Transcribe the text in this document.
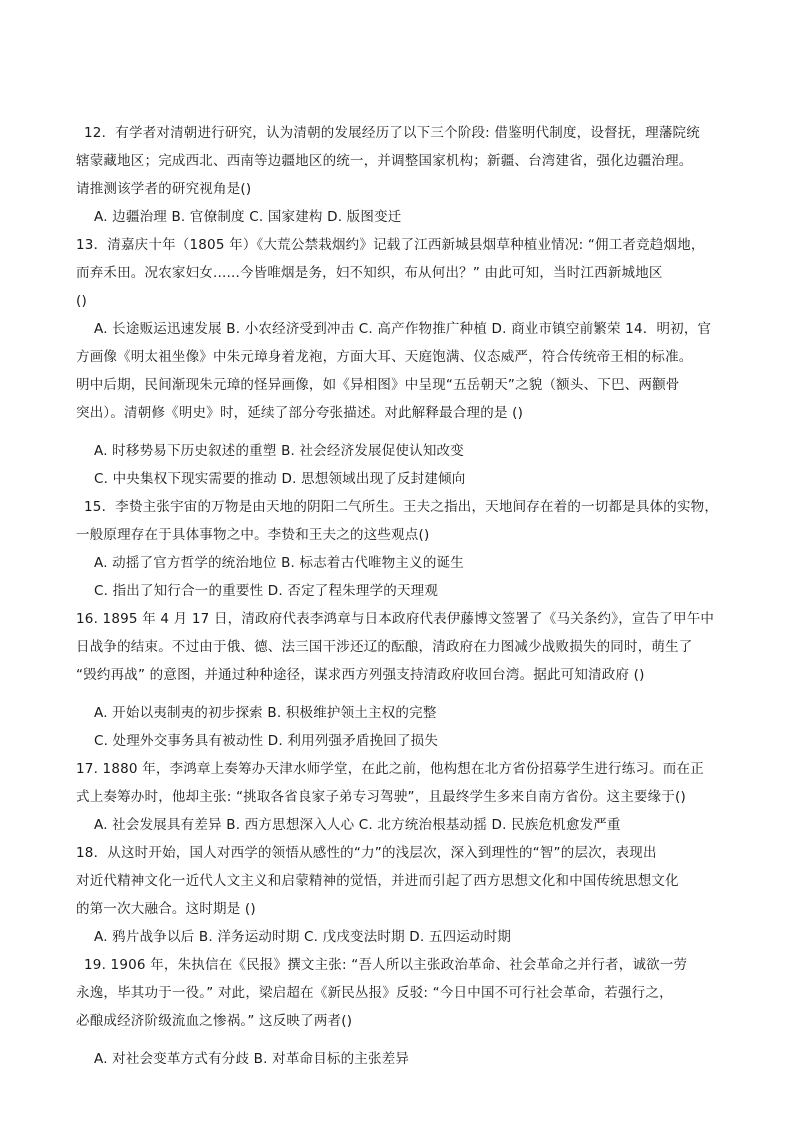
12．有学者对清朝进行研究，认为清朝的发展经历了以下三个阶段: 借鉴明代制度，设督抚，理藩院统
辖蒙藏地区；完成西北、西南等边疆地区的统一，并调整国家机构；新疆、台湾建省，强化边疆治理。
请推测该学者的研究视角是()
A. 边疆治理 B. 官僚制度 C. 国家建构 D. 版图变迁
13．清嘉庆十年（1805 年）《大荒公禁栽烟约》记载了江西新城县烟草种植业情况: “佣工者竞趋烟地，
而弃禾田。况农家妇女......今皆唯烟是务，妇不知织，布从何出？” 由此可知，当时江西新城地区
()
A. 长途贩运迅速发展 B. 小农经济受到冲击 C. 高产作物推广种植 D. 商业市镇空前繁荣 14．明初，官
方画像《明太祖坐像》中朱元璋身着龙袍，方面大耳、天庭饱满、仪态威严，符合传统帝王相的标准。
明中后期，民间渐现朱元璋的怪异画像，如《异相图》中呈现“五岳朝天”之貌（额头、下巴、两颧骨
突出）。清朝修《明史》时，延续了部分夸张描述。对此解释最合理的是 ()
A. 时移势易下历史叙述的重塑 B. 社会经济发展促使认知改变
C. 中央集权下现实需要的推动 D. 思想领域出现了反封建倾向
15．李贽主张宇宙的万物是由天地的阴阳二气所生。王夫之指出，天地间存在着的一切都是具体的实物，
一般原理存在于具体事物之中。李贽和王夫之的这些观点()
A. 动摇了官方哲学的统治地位 B. 标志着古代唯物主义的诞生
C. 指出了知行合一的重要性 D. 否定了程朱理学的天理观
16. 1895 年 4 月 17 日，清政府代表李鸿章与日本政府代表伊藤博文签署了《马关条约》，宣告了甲午中
日战争的结束。不过由于俄、德、法三国干涉还辽的酝酿，清政府在力图减少战败损失的同时，萌生了
“毁约再战” 的意图，并通过种种途径，谋求西方列强支持清政府收回台湾。据此可知清政府 ()
A. 开始以夷制夷的初步探索 B. 积极维护领土主权的完整
C. 处理外交事务具有被动性 D. 利用列强矛盾挽回了损失
17. 1880 年，李鸿章上奏筹办天津水师学堂，在此之前，他构想在北方省份招募学生进行练习。而在正
式上奏筹办时，他却主张: “挑取各省良家子弟专习驾驶”，且最终学生多来自南方省份。这主要缘于()
A. 社会发展具有差异 B. 西方思想深入人心 C. 北方统治根基动摇 D. 民族危机愈发严重
18．从这时开始，国人对西学的领悟从感性的“力”的浅层次，深入到理性的“智”的层次，表现出
对近代精神文化一近代人文主义和启蒙精神的觉悟，并进而引起了西方思想文化和中国传统思想文化
的第一次大融合。这时期是 ()
A. 鸦片战争以后 B. 洋务运动时期 C. 戊戌变法时期 D. 五四运动时期
19. 1906 年，朱执信在《民报》撰文主张: “吾人所以主张政治革命、社会革命之并行者，诚欲一劳
永逸，毕其功于一役。” 对此，梁启超在《新民丛报》反驳: “今日中国不可行社会革命，若强行之，
必酿成经济阶级流血之惨祸。” 这反映了两者()
A. 对社会变革方式有分歧 B. 对革命目标的主张差异
